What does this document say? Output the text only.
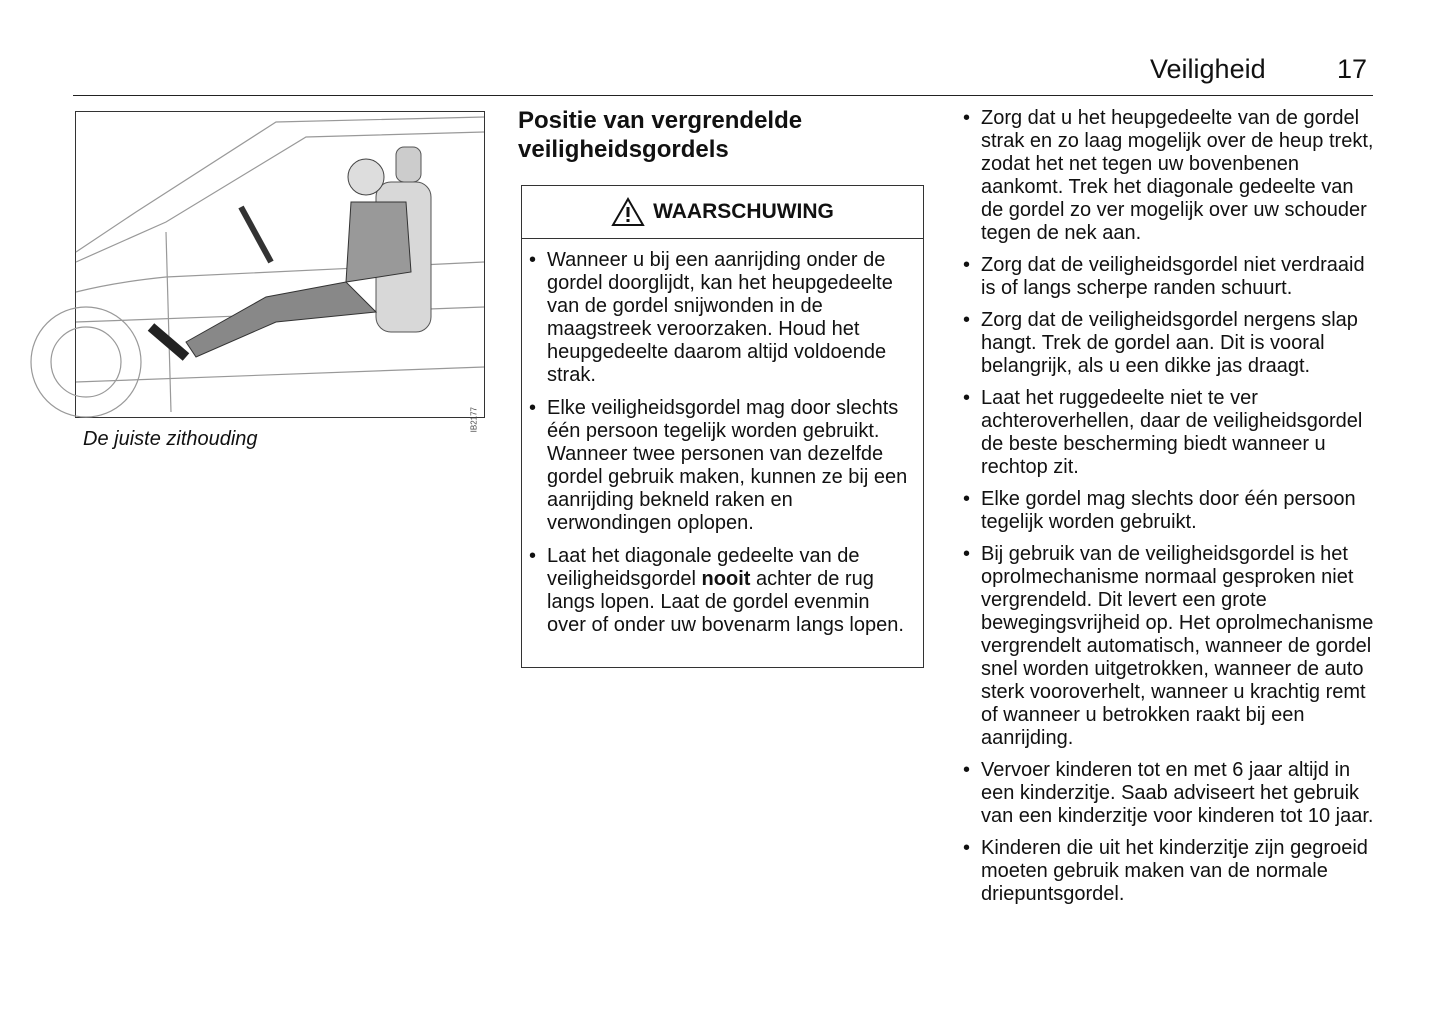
Veiligheid	17
IB2177
De juiste zithouding
Positie van vergrendelde veiligheidsgordels
WAARSCHUWING
• Wanneer u bij een aanrijding onder de gordel doorglijdt, kan het heupgedeelte van de gordel snijwonden in de maagstreek veroorzaken. Houd het heupgedeelte daarom altijd voldoende strak.
• Elke veiligheidsgordel mag door slechts één persoon tegelijk worden gebruikt. Wanneer twee personen van dezelfde gordel gebruik maken, kunnen ze bij een aanrijding bekneld raken en verwondingen oplopen.
• Laat het diagonale gedeelte van de veiligheidsgordel nooit achter de rug langs lopen. Laat de gordel evenmin over of onder uw bovenarm langs lopen.
• Zorg dat u het heupgedeelte van de gordel strak en zo laag mogelijk over de heup trekt, zodat het net tegen uw bovenbenen aankomt. Trek het diagonale gedeelte van de gordel zo ver mogelijk over uw schouder tegen de nek aan.
• Zorg dat de veiligheidsgordel niet verdraaid is of langs scherpe randen schuurt.
• Zorg dat de veiligheidsgordel nergens slap hangt. Trek de gordel aan. Dit is vooral belangrijk, als u een dikke jas draagt.
• Laat het ruggedeelte niet te ver achteroverhellen, daar de veiligheidsgordel de beste bescherming biedt wanneer u rechtop zit.
• Elke gordel mag slechts door één persoon tegelijk worden gebruikt.
• Bij gebruik van de veiligheidsgordel is het oprolmechanisme normaal gesproken niet vergrendeld. Dit levert een grote bewegingsvrijheid op. Het oprolmechanisme vergrendelt automatisch, wanneer de gordel snel worden uitgetrokken, wanneer de auto sterk vooroverhelt, wanneer u krachtig remt of wanneer u betrokken raakt bij een aanrijding.
• Vervoer kinderen tot en met 6 jaar altijd in een kinderzitje. Saab adviseert het gebruik van een kinderzitje voor kinderen tot 10 jaar.
• Kinderen die uit het kinderzitje zijn gegroeid moeten gebruik maken van de normale driepuntsgordel.
